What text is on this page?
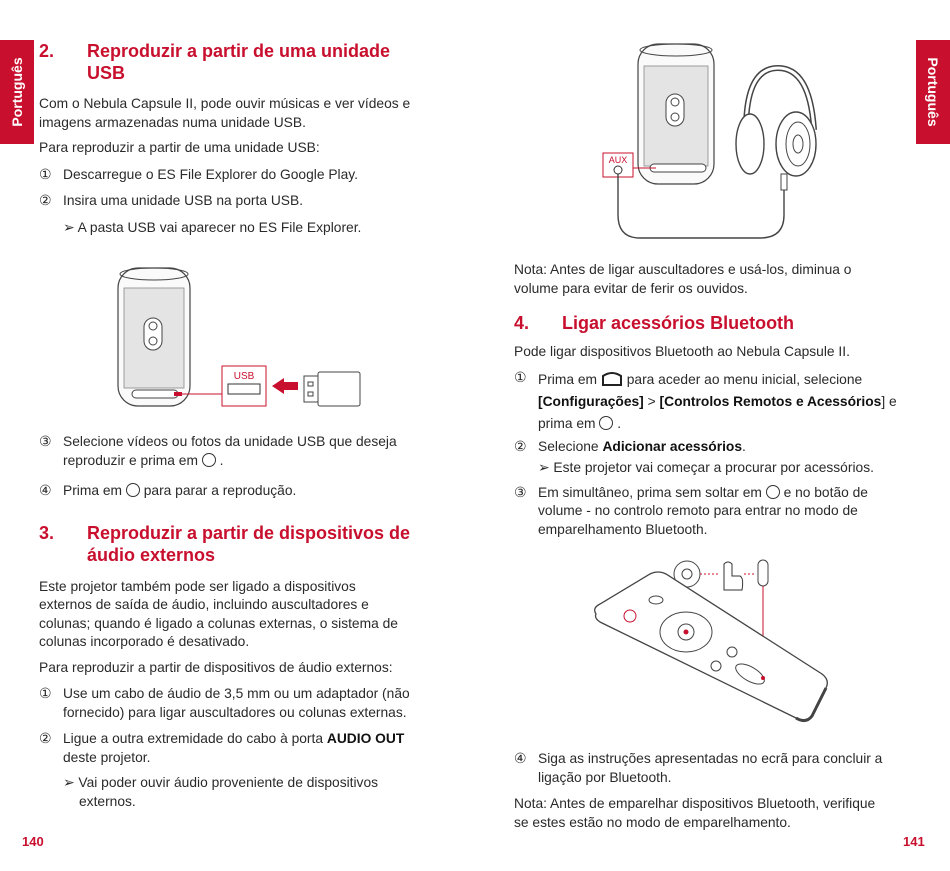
Português	Português
140	141
2.	Reproduzir a partir de uma unidade
USB

Com o Nebula Capsule II, pode ouvir músicas e ver vídeos e
imagens armazenadas numa unidade USB.

Para reproduzir a partir de uma unidade USB:

① Descarregue o ES File Explorer do Google Play.
② Insira uma unidade USB na porta USB.
➢ A pasta USB vai aparecer no ES File Explorer.
USB
③ Selecione vídeos ou fotos da unidade USB que deseja
reproduzir e prima em .
④ Prima em para parar a reprodução.
3.	Reproduzir a partir de dispositivos de
áudio externos

Este projetor também pode ser ligado a dispositivos
externos de saída de áudio, incluindo auscultadores e
colunas; quando é ligado a colunas externas, o sistema de
colunas incorporado é desativado.

Para reproduzir a partir de dispositivos de áudio externos:

① Use um cabo de áudio de 3,5 mm ou um adaptador (não
fornecido) para ligar auscultadores ou colunas externas.
② Ligue a outra extremidade do cabo à porta AUDIO OUT
deste projetor.
➢ Vai poder ouvir áudio proveniente de dispositivos
externos.
AUX

Nota: Antes de ligar auscultadores e usá-los, diminua o
volume para evitar de ferir os ouvidos.

4.	Ligar acessórios Bluetooth

Pode ligar dispositivos Bluetooth ao Nebula Capsule II.

① Prima em para aceder ao menu inicial, selecione
[Configurações] > [Controlos Remotos e Acessórios] e
prima em .
② Selecione Adicionar acessórios.
➢ Este projetor vai começar a procurar por acessórios.
③ Em simultâneo, prima sem soltar em e no botão de
volume - no controlo remoto para entrar no modo de
emparelhamento Bluetooth.
④ Siga as instruções apresentadas no ecrã para concluir a
ligação por Bluetooth.

Nota: Antes de emparelhar dispositivos Bluetooth, verifique
se estes estão no modo de emparelhamento.
